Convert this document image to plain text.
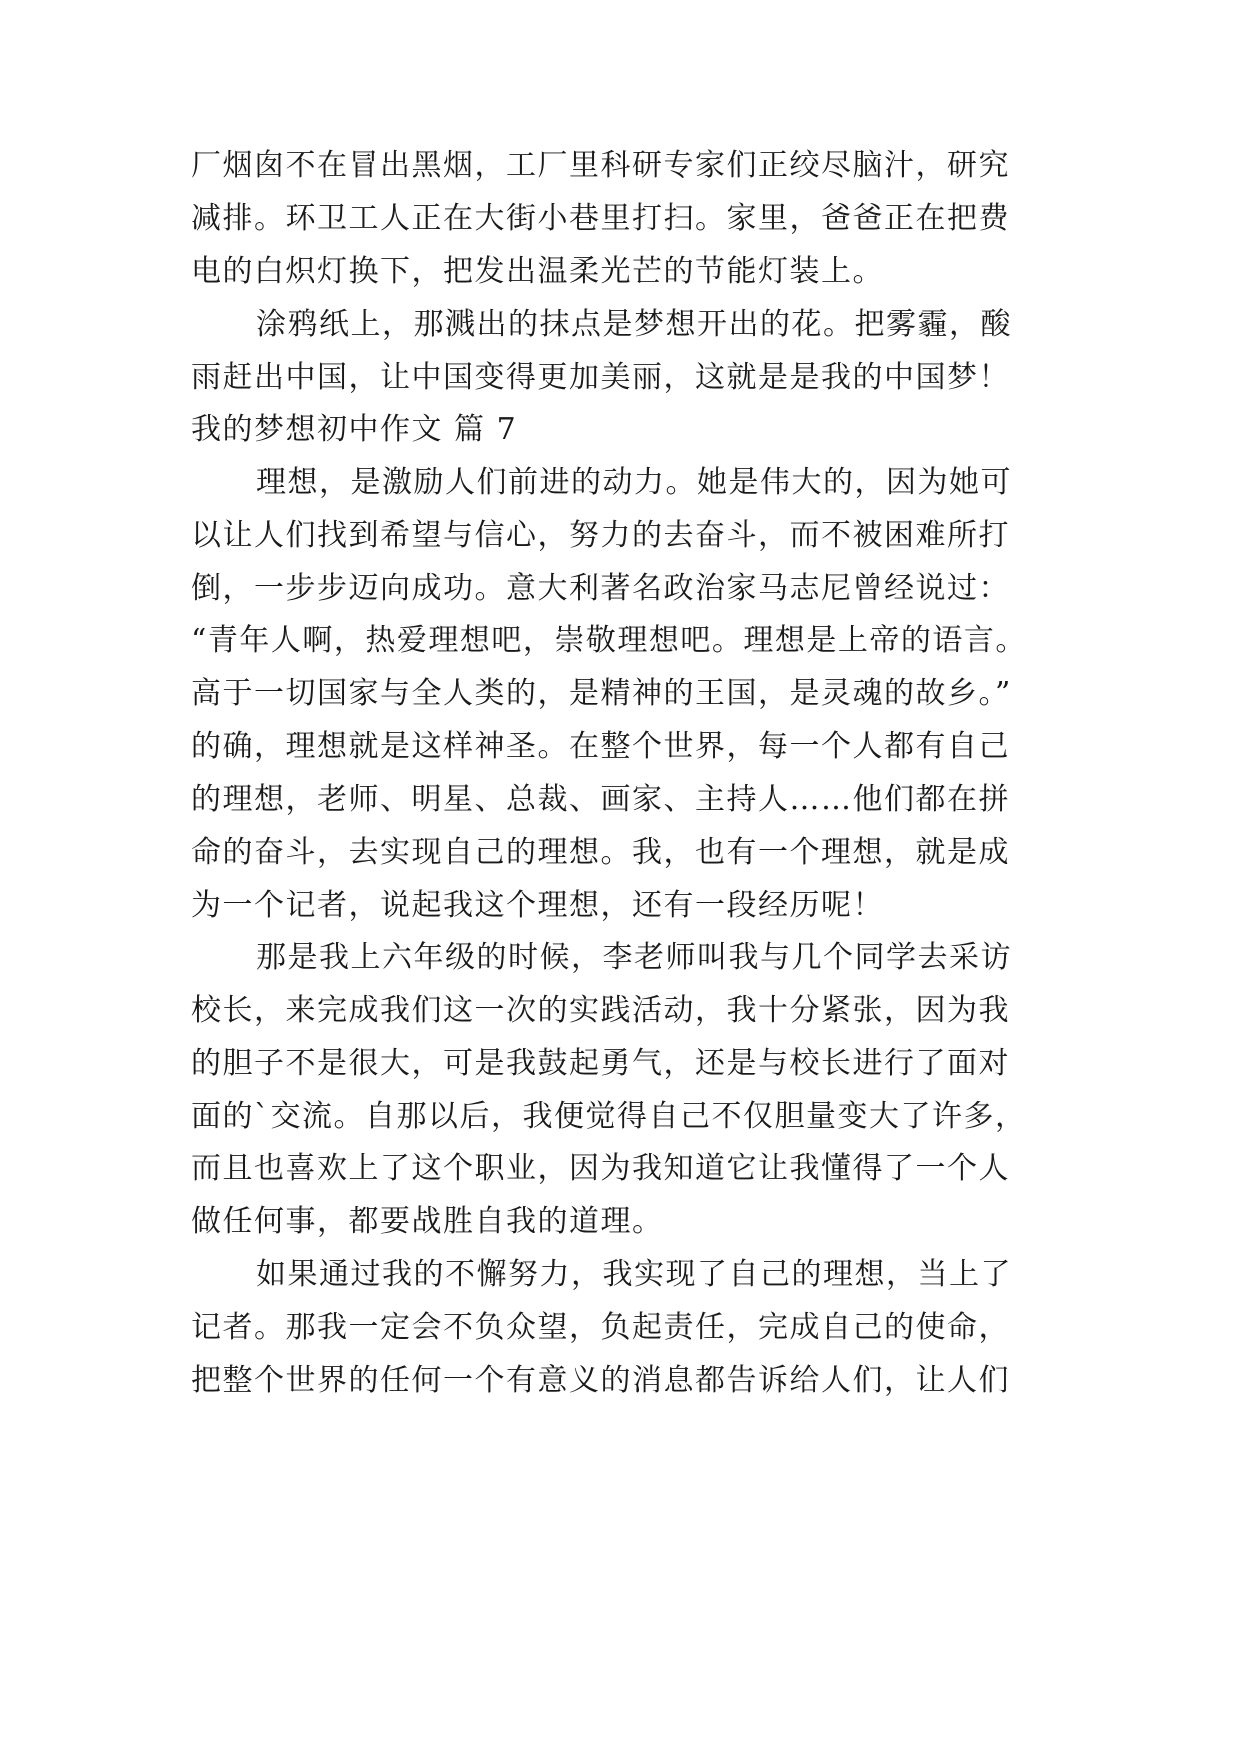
厂烟囱不在冒出黑烟，工厂里科研专家们正绞尽脑汁，研究
减排。环卫工人正在大街小巷里打扫。家里，爸爸正在把费
电的白炽灯换下，把发出温柔光芒的节能灯装上。
涂鸦纸上，那溅出的抹点是梦想开出的花。把雾霾，酸
雨赶出中国，让中国变得更加美丽，这就是是我的中国梦！
我的梦想初中作文 篇 7
理想，是激励人们前进的动力。她是伟大的，因为她可
以让人们找到希望与信心，努力的去奋斗，而不被困难所打
倒，一步步迈向成功。意大利著名政治家马志尼曾经说过：
“青年人啊，热爱理想吧，崇敬理想吧。理想是上帝的语言。
高于一切国家与全人类的，是精神的王国，是灵魂的故乡。”
的确，理想就是这样神圣。在整个世界，每一个人都有自己
的理想，老师、明星、总裁、画家、主持人……他们都在拼
命的奋斗，去实现自己的理想。我，也有一个理想，就是成
为一个记者，说起我这个理想，还有一段经历呢！
那是我上六年级的时候，李老师叫我与几个同学去采访
校长，来完成我们这一次的实践活动，我十分紧张，因为我
的胆子不是很大，可是我鼓起勇气，还是与校长进行了面对
面的`交流。自那以后，我便觉得自己不仅胆量变大了许多，
而且也喜欢上了这个职业，因为我知道它让我懂得了一个人
做任何事，都要战胜自我的道理。
如果通过我的不懈努力，我实现了自己的理想，当上了
记者。那我一定会不负众望，负起责任，完成自己的使命，
把整个世界的任何一个有意义的消息都告诉给人们，让人们
